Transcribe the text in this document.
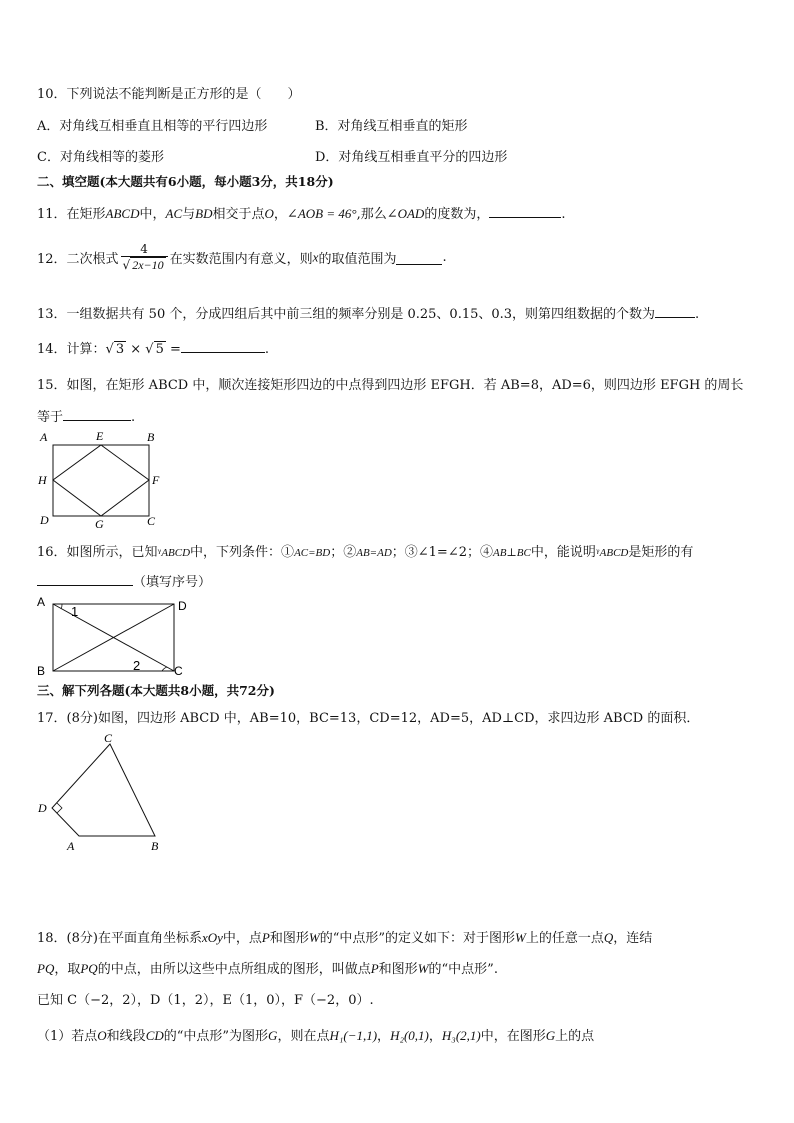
10．下列说法不能判断是正方形的是（　　）
A．对角线互相垂直且相等的平行四边形	B．对角线互相垂直的矩形
C．对角线相等的菱形	D．对角线互相垂直平分的四边形
二、填空题(本大题共有6小题，每小题3分，共18分)
11．在矩形ABCD中，AC与BD相交于点O，∠AOB = 46°,那么∠OAD的度数为，	.
12．二次根式 $\frac{4}{√ 2x-10}$ 在实数范围内有意义，则x的取值范围为	.
13．一组数据共有 50 个，分成四组后其中前三组的频率分别是 0.25、0.15、0.3，则第四组数据的个数为	.
14．计算：√ 3 × √ 5 =	.
15．如图，在矩形 ABCD 中，顺次连接矩形四边的中点得到四边形 EFGH．若 AB=8，AD=6，则四边形 EFGH 的周长
等于	.
A	E	B
H	F
D	G	C
16．如图所示，已知ᵞABCD中，下列条件：①AC=BD；②AB=AD；③∠1=∠2；④AB⊥BC中，能说明ᵞABCD是矩形的有
（填写序号）
A	D
B	C
1
2
三、解下列各题(本大题共8小题，共72分)
17．(8分)如图，四边形 ABCD 中，AB=10，BC=13，CD=12，AD=5，AD⊥CD，求四边形 ABCD 的面积．
C
D
A	B
18．(8分)在平面直角坐标系xOy中，点P和图形W的“中点形”的定义如下：对于图形W上的任意一点Q，连结
PQ，取PQ的中点，由所以这些中点所组成的图形，叫做点P和图形W的“中点形”.
已知 C（−2，2），D（1，2），E（1，0），F（−2，0）.
（1）若点O和线段CD的“中点形”为图形G，则在点H₁(−1,1)，H₂(0,1)，H₃(2,1)中，在图形G上的点
